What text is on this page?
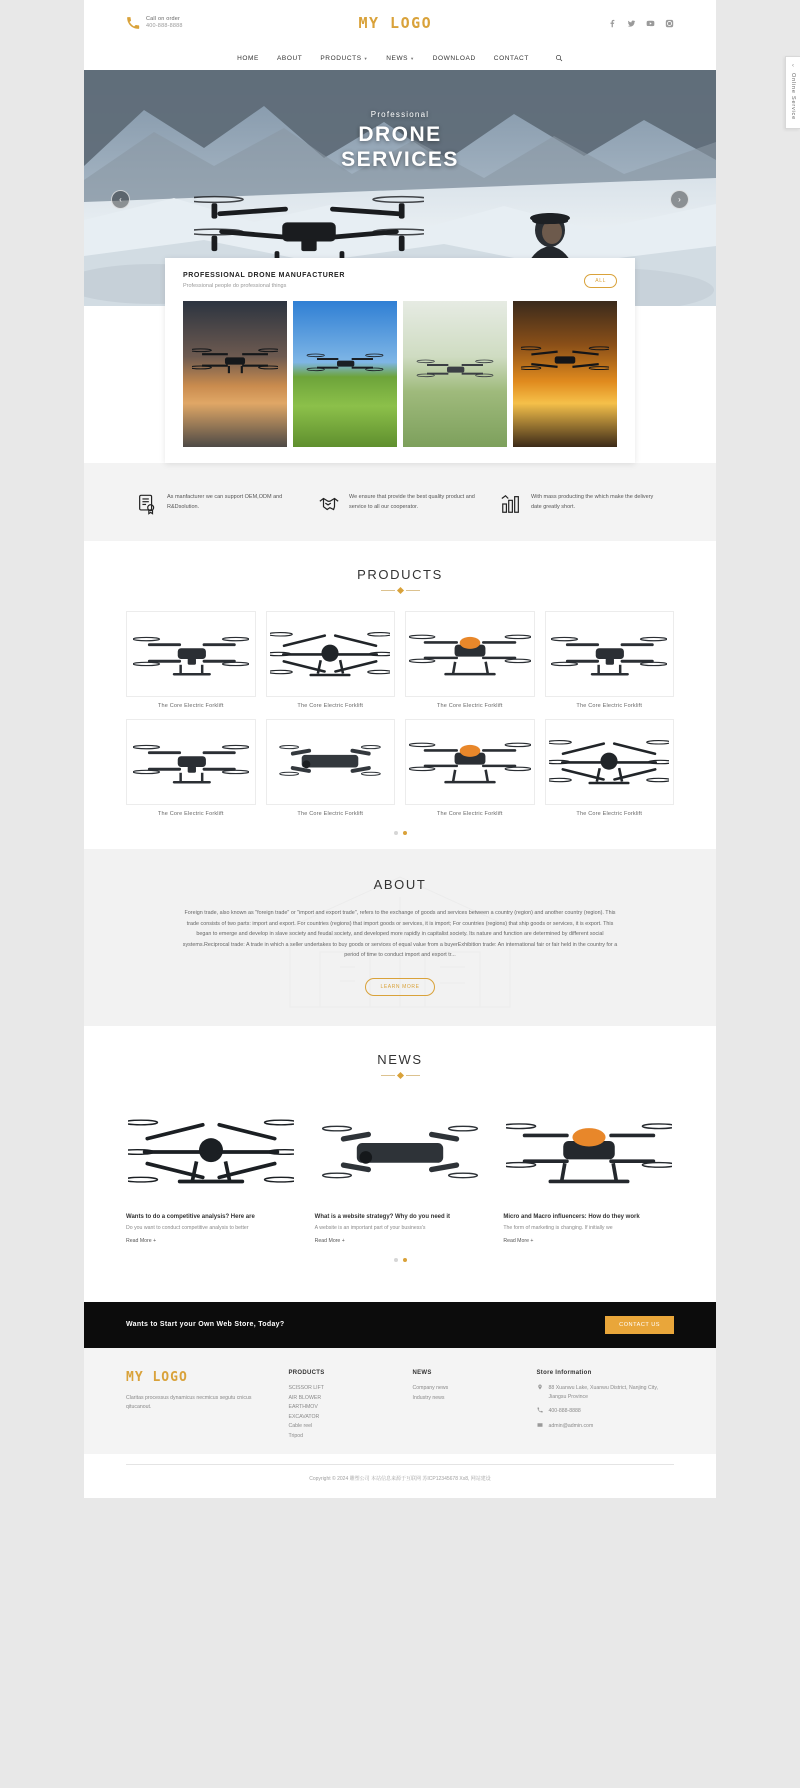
Call on order
400-888-8888	MY LOGO
HOME	ABOUT	PRODUCTS ▼	NEWS ▼	DOWNLOAD	CONTACT
Professional
DRONE
SERVICES
‹	›
PROFESSIONAL DRONE MANUFACTURER
Professional people do professional things
ALL

As manfacturer we can support OEM,ODM and R&Dsolution.

We ensure that provide the best quality product and service to all our cooperator.

With mass producting the which make the delivery date greatly short.

PRODUCTS
The Core Electric Forklift	The Core Electric Forklift	The Core Electric Forklift	The Core Electric Forklift
The Core Electric Forklift	The Core Electric Forklift	The Core Electric Forklift	The Core Electric Forklift
ABOUT

Foreign trade, also known as "foreign trade" or "import and export trade", refers to the exchange of goods and services between a country (region) and another country (region). This trade consists of two parts: import and export. For countries (regions) that import goods or services, it is import; For countries (regions) that ship goods or services, it is export. This began to emerge and develop in slave society and feudal society, and developed more rapidly in capitalist society. Its nature and function are determined by different social systems.Reciprocal trade: A trade in which a seller undertakes to buy goods or services of equal value from a buyerExhibition trade: An international fair or fair held in the country for a period of time to conduct import and export tr...

LEARN MORE
NEWS
Wants to do a competitive analysis? Here are
Do you want to conduct competitive analysis to better
Read More +
What is a website strategy? Why do you need it
A website is an important part of your business's
Read More +
Micro and Macro influencers: How do they work
The form of marketing is changing. If initially we
Read More +
Wants to Start your Own Web Store, Today?	CONTACT US
MY LOGO
Claritas processus dynamicus necmicus segutu cnicus qitucanout.
PRODUCTS
SCISSOR LIFT
AIR BLOWER
EARTHMOV
EXCAVATOR
Cable reel
Tripod
NEWS
Company news
Industry news
Store Information
88 Xuanwu Lake, Xuanwu District, Nanjing City, Jiangsu Province
400-888-8888
admin@admin.com
Copyright © 2024 雕塑公司 本站信息来源于互联网 苏ICP12345678 Xx8, 网站建设
‹
Online Service
